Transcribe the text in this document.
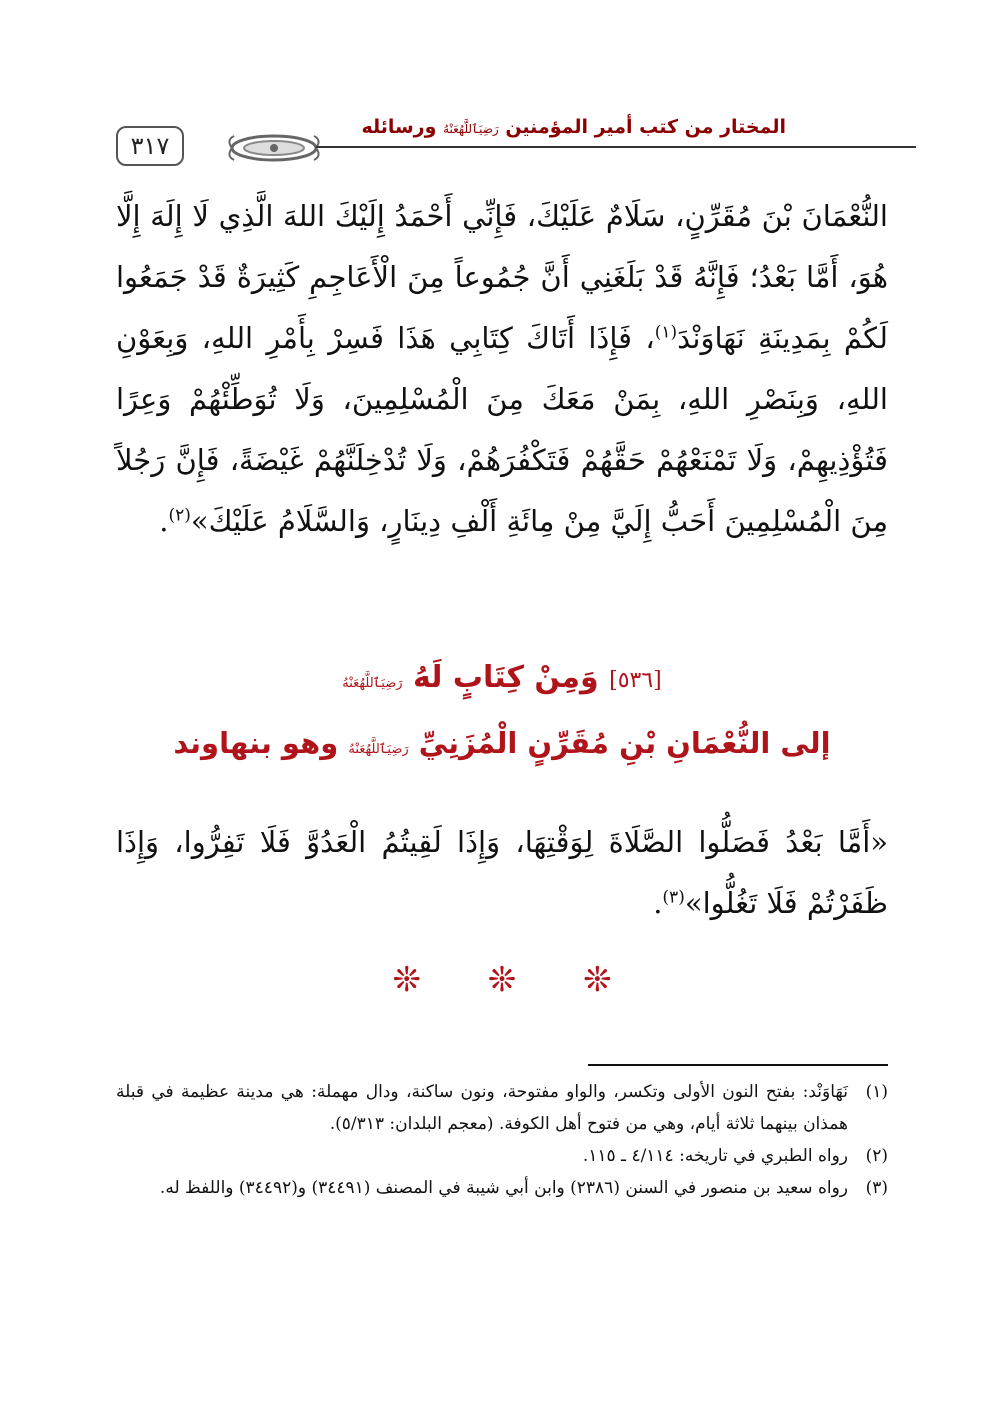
٣١٧
المختار من كتب أمير المؤمنين رَضِيَٱللَّهُعَنْهُ ورسائله

النُّعْمَانَ بْنَ مُقَرِّنٍ، سَلَامٌ عَلَيْكَ، فَإِنِّي أَحْمَدُ إِلَيْكَ اللهَ الَّذِي لَا إِلَهَ إِلَّا هُوَ، أَمَّا بَعْدُ؛ فَإِنَّهُ قَدْ بَلَغَنِي أَنَّ جُمُوعاً مِنَ الْأَعَاجِمِ كَثِيرَةٌ قَدْ جَمَعُوا لَكُمْ بِمَدِينَةِ نَهَاوَنْدَ$^{(١)}$، فَإِذَا أَتَاكَ كِتَابِي هَذَا فَسِرْ بِأَمْرِ اللهِ، وَبِعَوْنِ اللهِ، وَبِنَصْرِ اللهِ، بِمَنْ مَعَكَ مِنَ الْمُسْلِمِينَ، وَلَا تُوَطِّئْهُمْ وَعِرًا فَتُؤْذِيهِمْ، وَلَا تَمْنَعْهُمْ حَقَّهُمْ فَتَكْفُرَهُمْ، وَلَا تُدْخِلَنَّهُمْ غَيْضَةً، فَإِنَّ رَجُلاً مِنَ الْمُسْلِمِينَ أَحَبُّ إِلَيَّ مِنْ مِائَةِ أَلْفِ دِينَارٍ، وَالسَّلَامُ عَلَيْكَ»$^{(٢)}$.

[٥٣٦] وَمِنْ كِتَابٍ لَهُ رَضِيَٱللَّهُعَنْهُ
إلى النُّعْمَانِ بْنِ مُقَرِّنٍ الْمُزَنِيِّ رَضِيَٱللَّهُعَنْهُ وهو بنهاوند
«أَمَّا بَعْدُ فَصَلُّوا الصَّلَاةَ لِوَقْتِهَا، وَإِذَا لَقِيتُمُ الْعَدُوَّ فَلَا تَفِرُّوا، وَإِذَا ظَفَرْتُمْ فَلَا تَغُلُّوا»$^{(٣)}$.
❊ ❊ ❊
(١)
نَهَاوَنْد: بفتح النون الأولى وتكسر، والواو مفتوحة، ونون ساكنة، ودال مهملة: هي مدينة عظيمة في قبلة همذان بينهما ثلاثة أيام، وهي من فتوح أهل الكوفة. (معجم البلدان: ٥/٣١٣).
(٢)
رواه الطبري في تاريخه: ٤/١١٤ ـ ١١٥.
(٣)
رواه سعيد بن منصور في السنن (٢٣٨٦) وابن أبي شيبة في المصنف (٣٤٤٩١) و(٣٤٤٩٢) واللفظ له.
